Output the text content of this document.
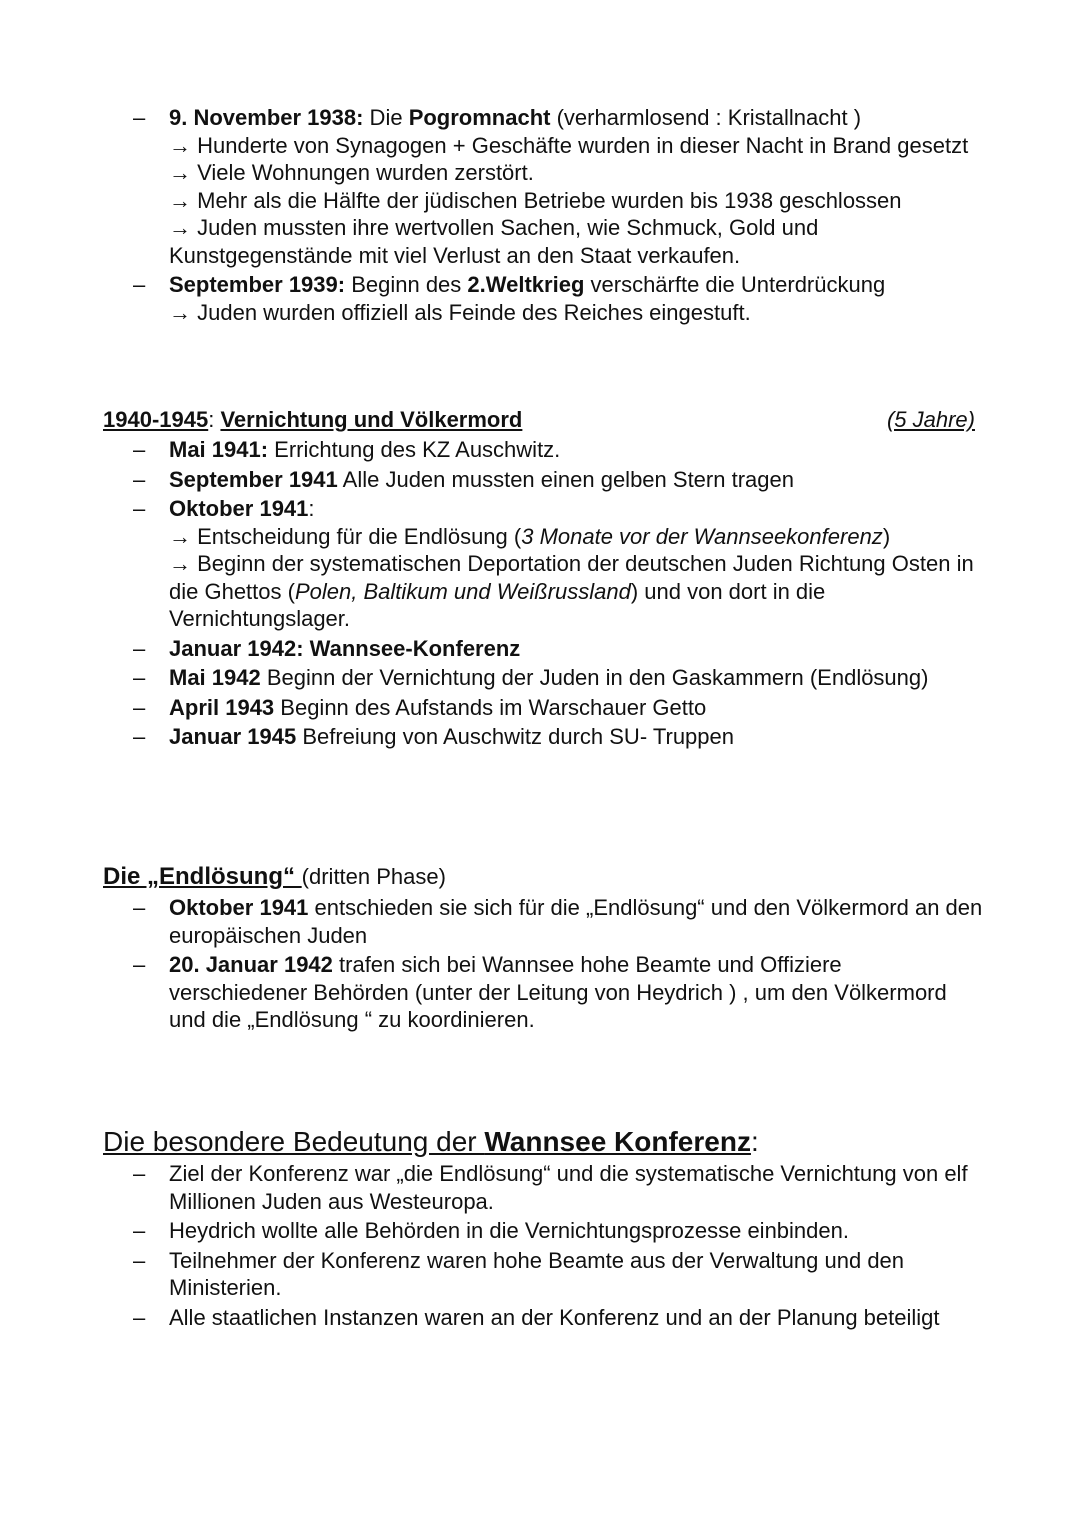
– 9. November 1938: Die Pogromnacht (verharmlosend : Kristallnacht )
→ Hunderte von Synagogen + Geschäfte wurden in dieser Nacht in Brand gesetzt
→ Viele Wohnungen wurden zerstört.
→ Mehr als die Hälfte der jüdischen Betriebe wurden bis 1938 geschlossen
→ Juden mussten ihre wertvollen Sachen, wie Schmuck, Gold und Kunstgegenstände mit viel Verlust an den Staat verkaufen.
– September 1939: Beginn des 2.Weltkrieg verschärfte die Unterdrückung
→ Juden wurden offiziell als Feinde des Reiches eingestuft.
1940-1945: Vernichtung und Völkermord	(5 Jahre)
– Mai 1941: Errichtung des KZ Auschwitz.
– September 1941 Alle Juden mussten einen gelben Stern tragen
– Oktober 1941:
→ Entscheidung für die Endlösung (3 Monate vor der Wannseekonferenz)
→ Beginn der systematischen Deportation der deutschen Juden Richtung Osten in die Ghettos (Polen, Baltikum und Weißrussland) und von dort in die Vernichtungslager.
– Januar 1942: Wannsee-Konferenz
– Mai 1942 Beginn der Vernichtung der Juden in den Gaskammern (Endlösung)
– April 1943 Beginn des Aufstands im Warschauer Getto
– Januar 1945 Befreiung von Auschwitz durch SU- Truppen
Die „Endlösung“ (dritten Phase)
– Oktober 1941 entschieden sie sich für die „Endlösung“ und den Völkermord an den europäischen Juden
– 20. Januar 1942 trafen sich bei Wannsee hohe Beamte und Offiziere verschiedener Behörden (unter der Leitung von Heydrich ) , um den Völkermord und die „Endlösung “ zu koordinieren.
Die besondere Bedeutung der Wannsee Konferenz:
– Ziel der Konferenz war „die Endlösung“ und die systematische Vernichtung von elf Millionen Juden aus Westeuropa.
– Heydrich wollte alle Behörden in die Vernichtungsprozesse einbinden.
– Teilnehmer der Konferenz waren hohe Beamte aus der Verwaltung und den Ministerien.
– Alle staatlichen Instanzen waren an der Konferenz und an der Planung beteiligt
